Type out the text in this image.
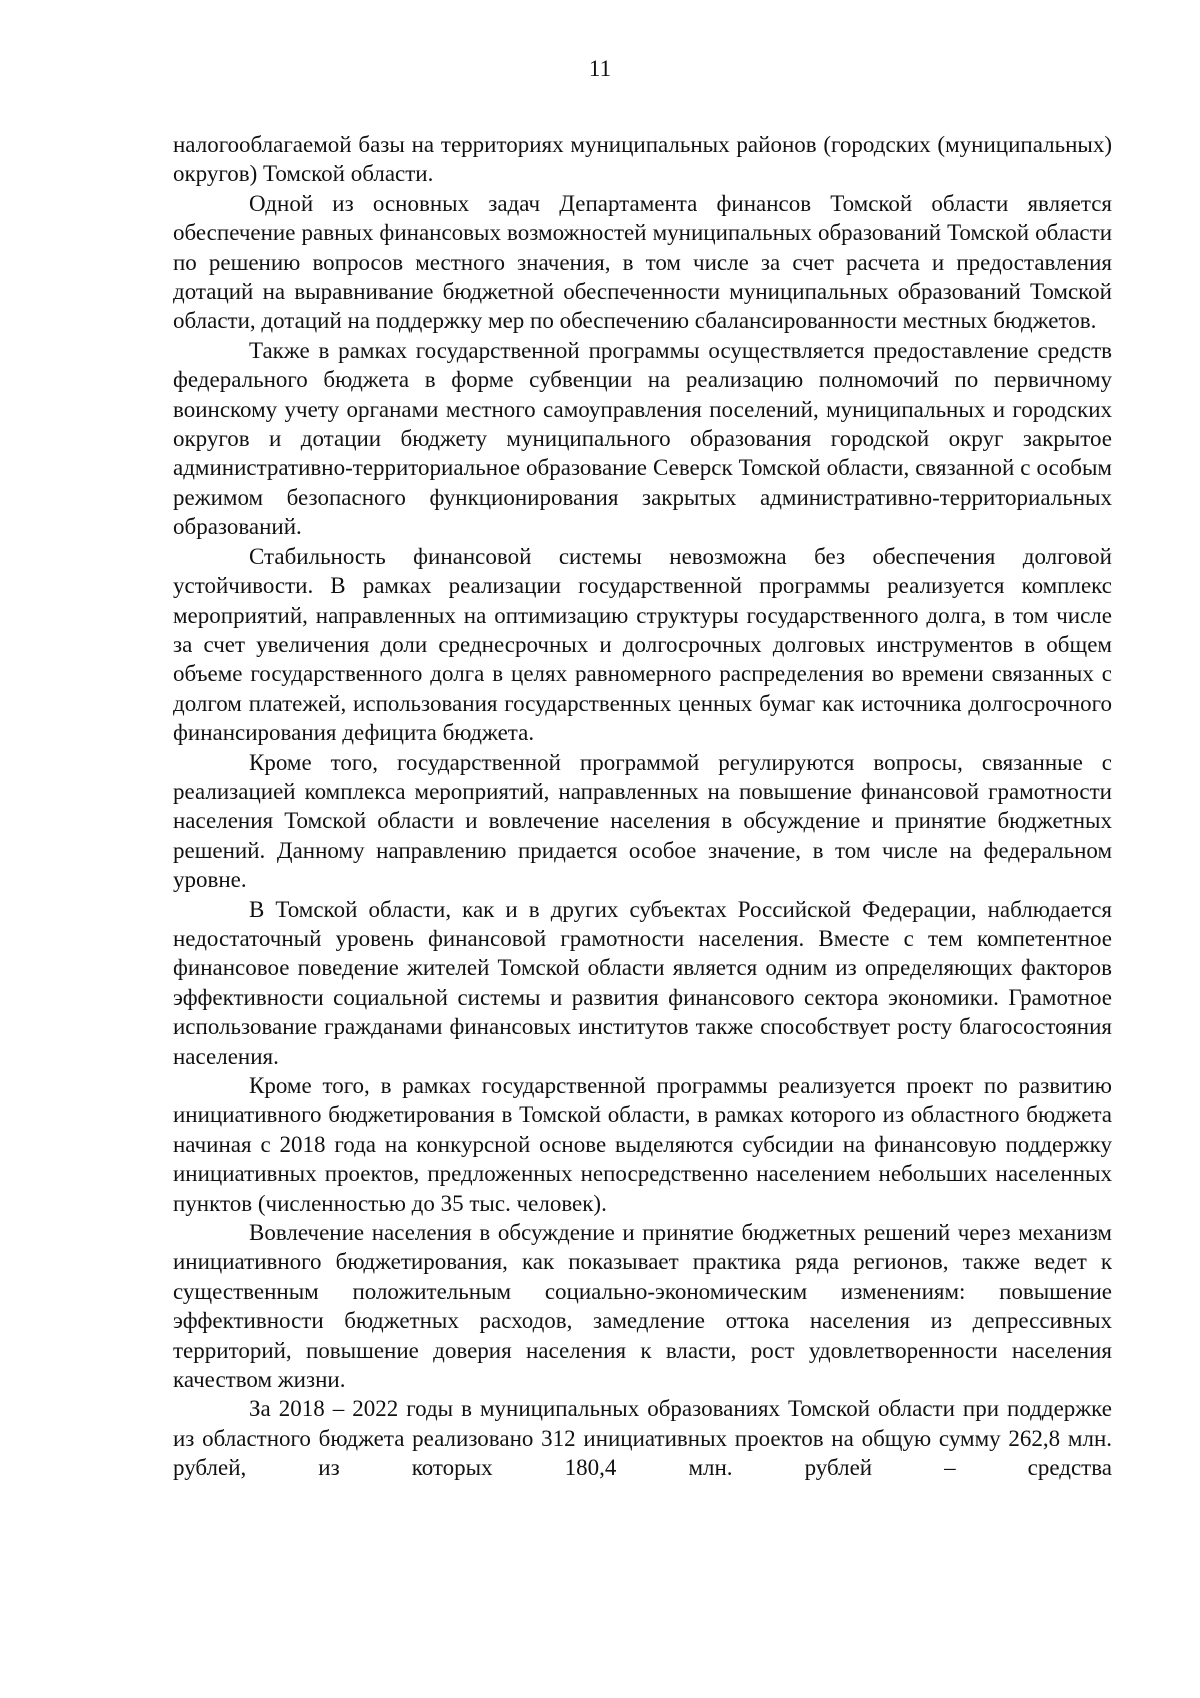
11

налогооблагаемой базы на территориях муниципальных районов (городских (муниципальных) округов) Томской области.

Одной из основных задач Департамента финансов Томской области является обеспечение равных финансовых возможностей муниципальных образований Томской области по решению вопросов местного значения, в том числе за счет расчета и предоставления дотаций на выравнивание бюджетной обеспеченности муниципальных образований Томской области, дотаций на поддержку мер по обеспечению сбалансированности местных бюджетов.

Также в рамках государственной программы осуществляется предоставление средств федерального бюджета в форме субвенции на реализацию полномочий по первичному воинскому учету органами местного самоуправления поселений, муниципальных и городских округов и дотации бюджету муниципального образования городской округ закрытое административно-территориальное образование Северск Томской области, связанной с особым режимом безопасного функционирования закрытых административно-территориальных образований.

Стабильность финансовой системы невозможна без обеспечения долговой устойчивости. В рамках реализации государственной программы реализуется комплекс мероприятий, направленных на оптимизацию структуры государственного долга, в том числе за счет увеличения доли среднесрочных и долгосрочных долговых инструментов в общем объеме государственного долга в целях равномерного распределения во времени связанных с долгом платежей, использования государственных ценных бумаг как источника долгосрочного финансирования дефицита бюджета.

Кроме того, государственной программой регулируются вопросы, связанные с реализацией комплекса мероприятий, направленных на повышение финансовой грамотности населения Томской области и вовлечение населения в обсуждение и принятие бюджетных решений. Данному направлению придается особое значение, в том числе на федеральном уровне.

В Томской области, как и в других субъектах Российской Федерации, наблюдается недостаточный уровень финансовой грамотности населения. Вместе с тем компетентное финансовое поведение жителей Томской области является одним из определяющих факторов эффективности социальной системы и развития финансового сектора экономики. Грамотное использование гражданами финансовых институтов также способствует росту благосостояния населения.

Кроме того, в рамках государственной программы реализуется проект по развитию инициативного бюджетирования в Томской области, в рамках которого из областного бюджета начиная с 2018 года на конкурсной основе выделяются субсидии на финансовую поддержку инициативных проектов, предложенных непосредственно населением небольших населенных пунктов (численностью до 35 тыс. человек).

Вовлечение населения в обсуждение и принятие бюджетных решений через механизм инициативного бюджетирования, как показывает практика ряда регионов, также ведет к существенным положительным социально-экономическим изменениям: повышение эффективности бюджетных расходов, замедление оттока населения из депрессивных территорий, повышение доверия населения к власти, рост удовлетворенности населения качеством жизни.

За 2018 – 2022 годы в муниципальных образованиях Томской области при поддержке из областного бюджета реализовано 312 инициативных проектов на общую сумму 262,8 млн. рублей, из которых 180,4 млн. рублей – средства
